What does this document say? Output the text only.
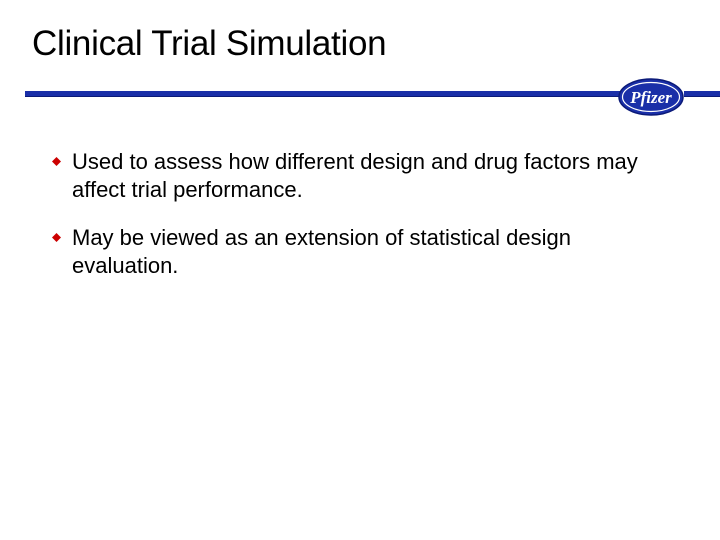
Clinical Trial Simulation
Pfizer
Used to assess how different design and drug factors may affect trial performance.
May be viewed as an extension of statistical design evaluation.
